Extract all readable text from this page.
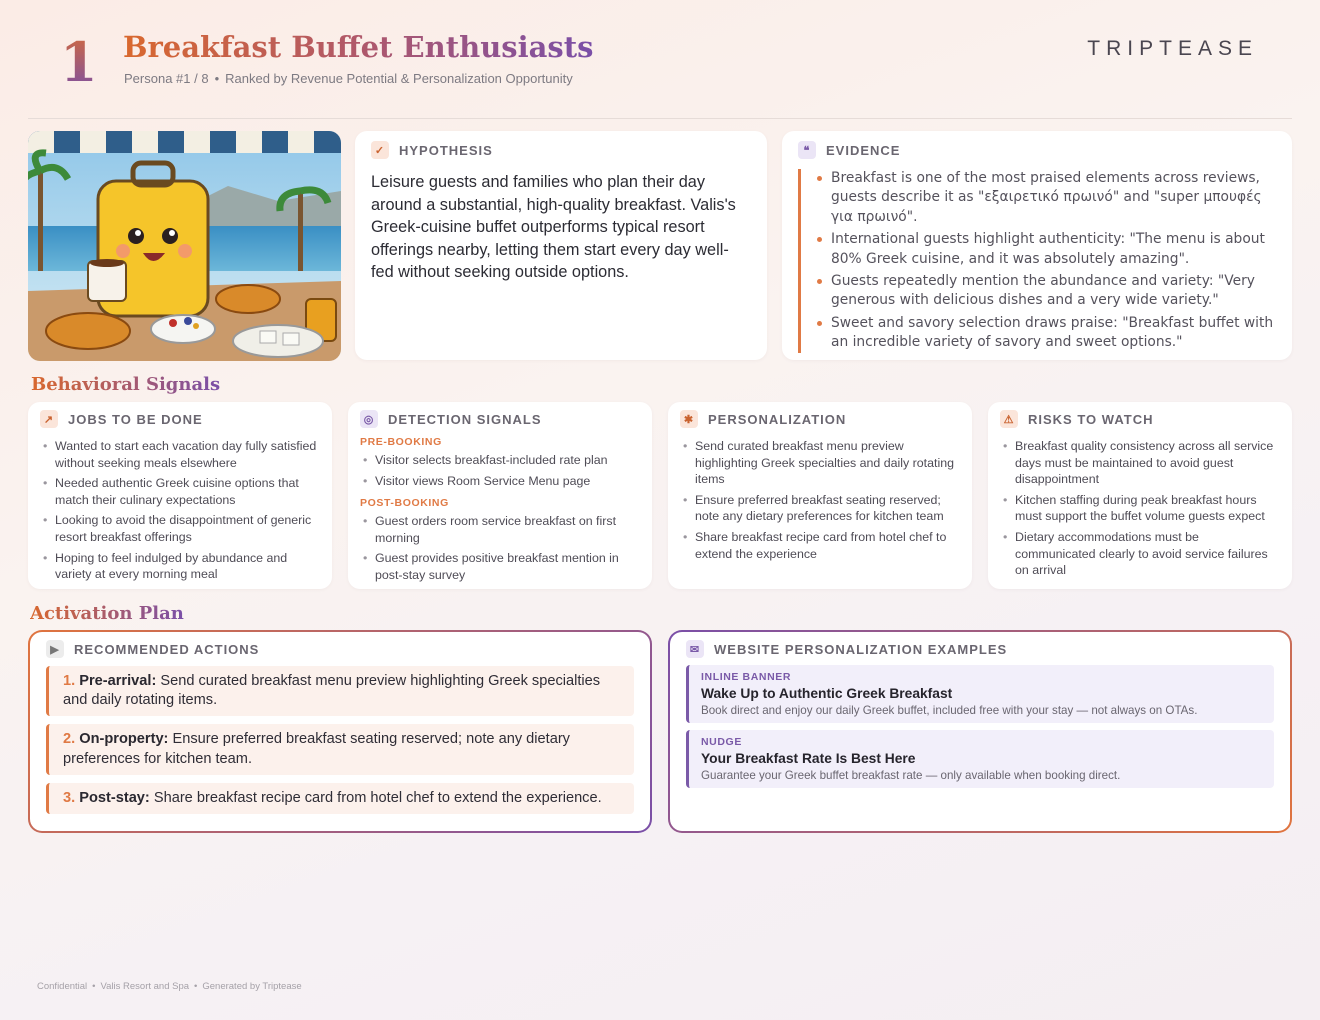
1 Breakfast Buffet Enthusiasts
Persona #1 / 8 • Ranked by Revenue Potential & Personalization Opportunity
TRIPTEASE
✓ HYPOTHESIS
Leisure guests and families who plan their day around a substantial, high-quality breakfast. Valis's Greek-cuisine buffet outperforms typical resort offerings nearby, letting them start every day well-fed without seeking outside options.
❝	EVIDENCE
Breakfast is one of the most praised elements across reviews, guests describe it as "εξαιρετικό πρωινό" and "super μπουφές για πρωινό".
International guests highlight authenticity: "The menu is about 80% Greek cuisine, and it was absolutely amazing".
Guests repeatedly mention the abundance and variety: "Very generous with delicious dishes and a very wide variety."
Sweet and savory selection draws praise: "Breakfast buffet with an incredible variety of savory and sweet options."
Behavioral Signals
↗ JOBS TO BE DONE
• Wanted to start each vacation day fully satisfied without seeking meals elsewhere
• Needed authentic Greek cuisine options that match their culinary expectations
• Looking to avoid the disappointment of generic resort breakfast offerings
• Hoping to feel indulged by abundance and variety at every morning meal
◎ DETECTION SIGNALS
PRE-BOOKING
• Visitor selects breakfast-included rate plan
• Visitor views Room Service Menu page
POST-BOOKING
• Guest orders room service breakfast on first morning
• Guest provides positive breakfast mention in post-stay survey
✱ PERSONALIZATION
• Send curated breakfast menu preview highlighting Greek specialties and daily rotating items
• Ensure preferred breakfast seating reserved; note any dietary preferences for kitchen team
• Share breakfast recipe card from hotel chef to extend the experience
⚠ RISKS TO WATCH
• Breakfast quality consistency across all service days must be maintained to avoid guest disappointment
• Kitchen staffing during peak breakfast hours must support the buffet volume guests expect
• Dietary accommodations must be communicated clearly to avoid service failures on arrival
Activation Plan
▶	RECOMMENDED ACTIONS
1. Pre-arrival: Send curated breakfast menu preview highlighting Greek specialties and daily rotating items.
2. On-property: Ensure preferred breakfast seating reserved; note any dietary preferences for kitchen team.
3. Post-stay: Share breakfast recipe card from hotel chef to extend the experience.
✉ WEBSITE PERSONALIZATION EXAMPLES
INLINE BANNER
Wake Up to Authentic Greek Breakfast
Book direct and enjoy our daily Greek buffet, included free with your stay — not always on OTAs.
NUDGE
Your Breakfast Rate Is Best Here
Guarantee your Greek buffet breakfast rate — only available when booking direct.
Confidential • Valis Resort and Spa • Generated by Triptease
